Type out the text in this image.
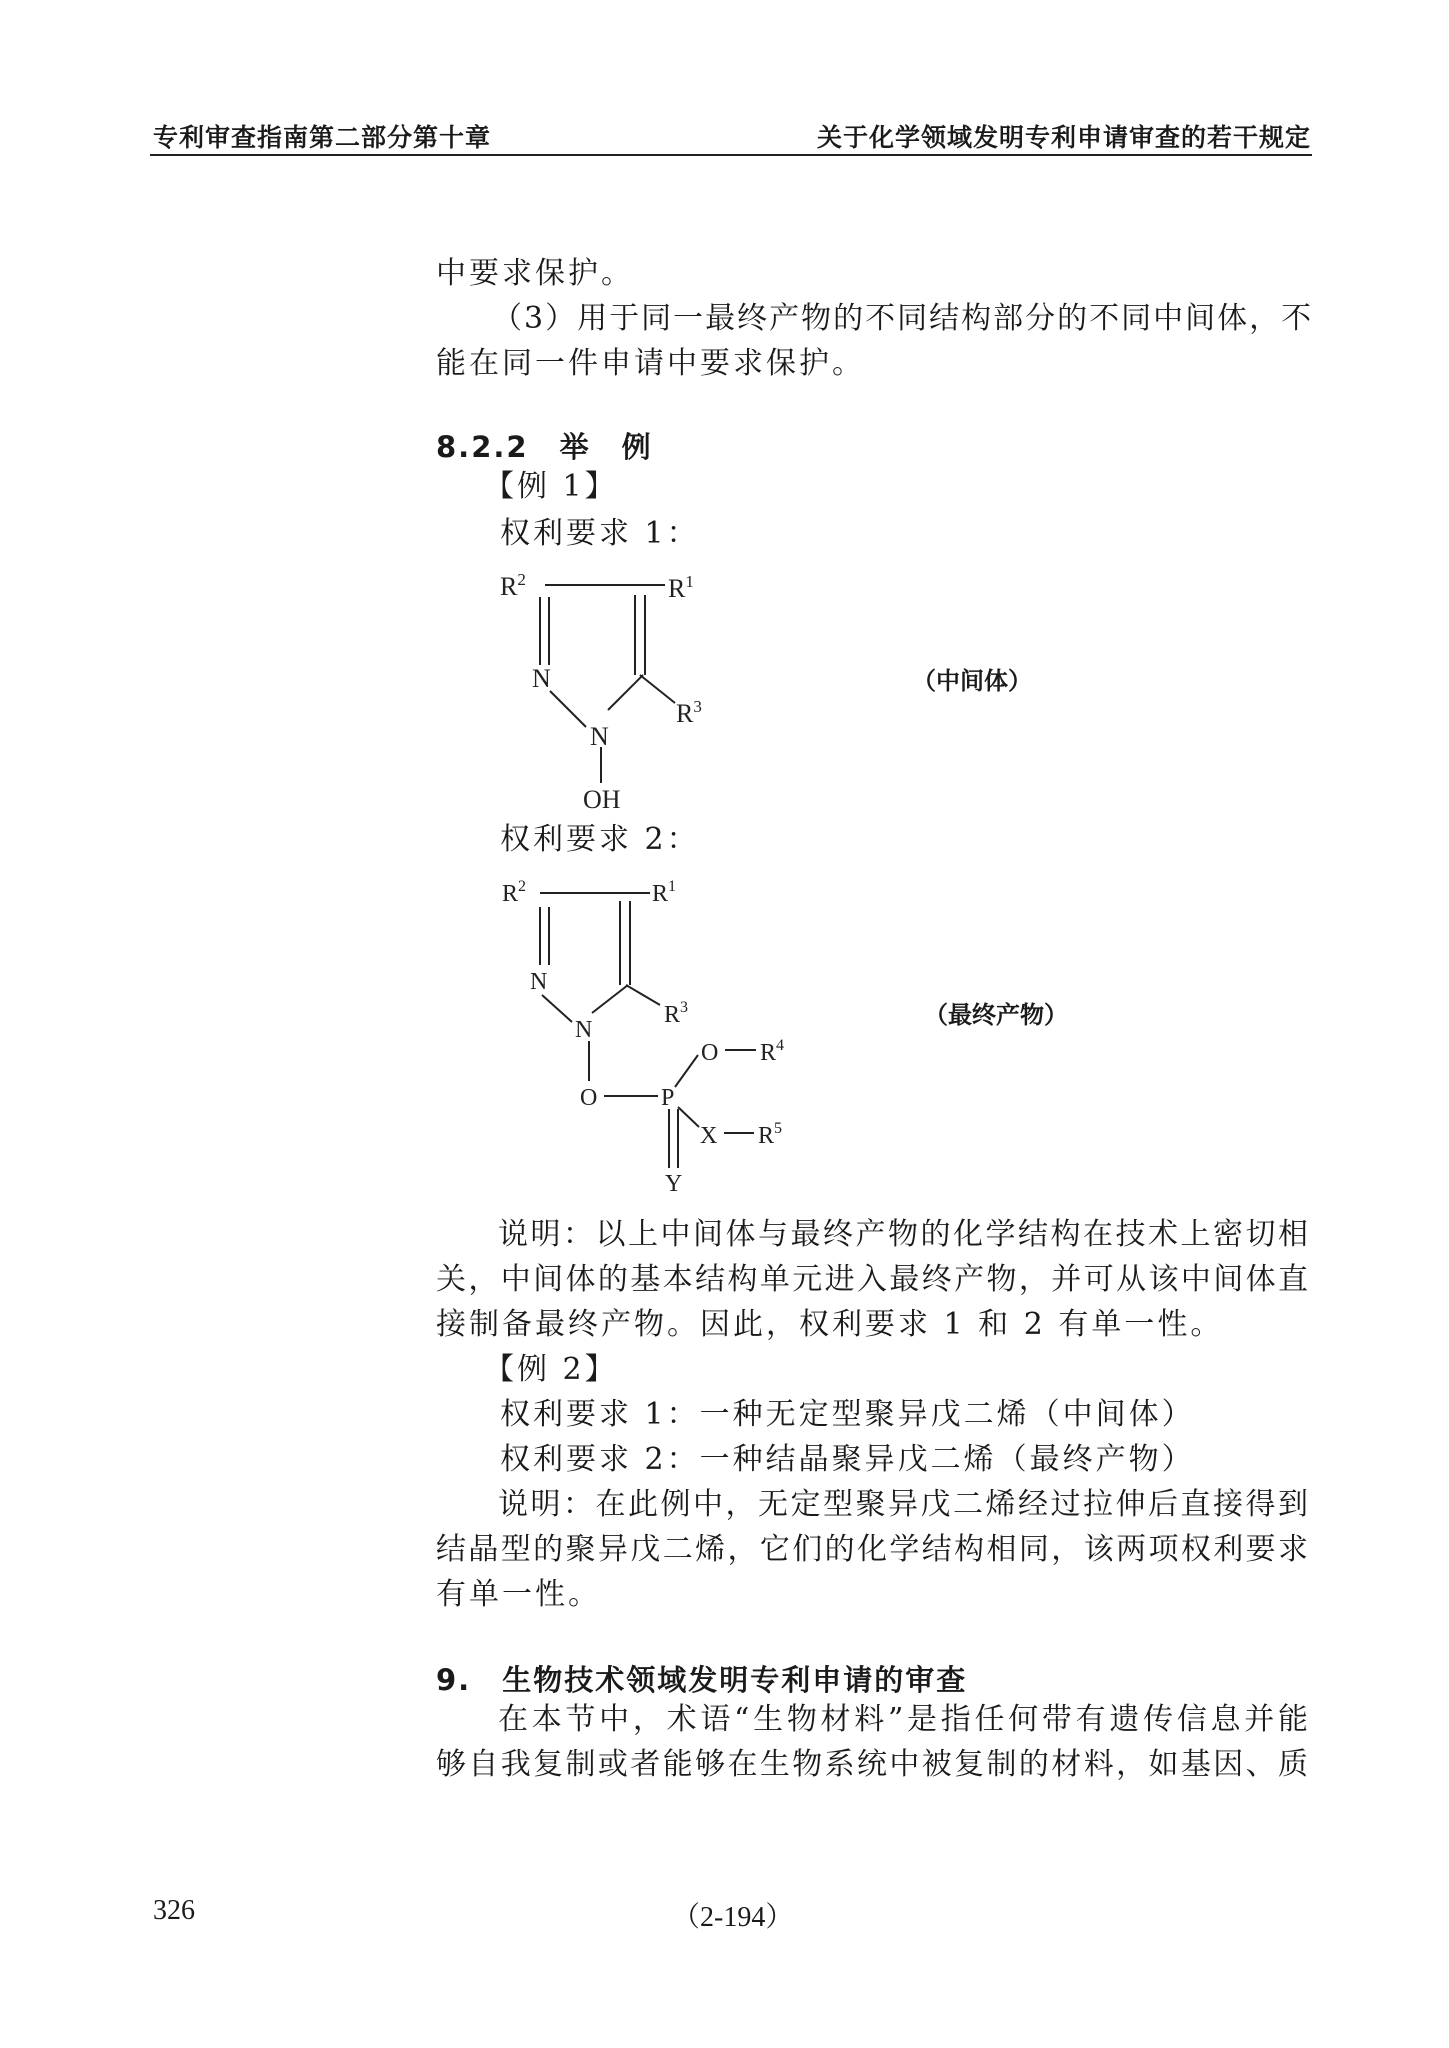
专利审查指南第二部分第十章	关于化学领域发明专利申请审查的若干规定
中要求保护。
（3）用于同一最终产物的不同结构部分的不同中间体，不
能在同一件申请中要求保护。
8.2.2　举　例
【例 1】
权利要求 1：
$R^2$	$R^1$
N
N
$R^3$
OH
（中间体）
权利要求 2：
$R^2$	$R^1$
N
N
$R^3$
O	P
O $R^4$
X $R^5$
Y
（最终产物）
说明：以上中间体与最终产物的化学结构在技术上密切相
关，中间体的基本结构单元进入最终产物，并可从该中间体直
接制备最终产物。因此，权利要求 1 和 2 有单一性。
【例 2】
权利要求 1：一种无定型聚异戊二烯（中间体）
权利要求 2：一种结晶聚异戊二烯（最终产物）
说明：在此例中，无定型聚异戊二烯经过拉伸后直接得到
结晶型的聚异戊二烯，它们的化学结构相同，该两项权利要求
有单一性。
9.　生物技术领域发明专利申请的审查
在本节中，术语“生物材料”是指任何带有遗传信息并能
够自我复制或者能够在生物系统中被复制的材料，如基因、质
326	（2-194）
